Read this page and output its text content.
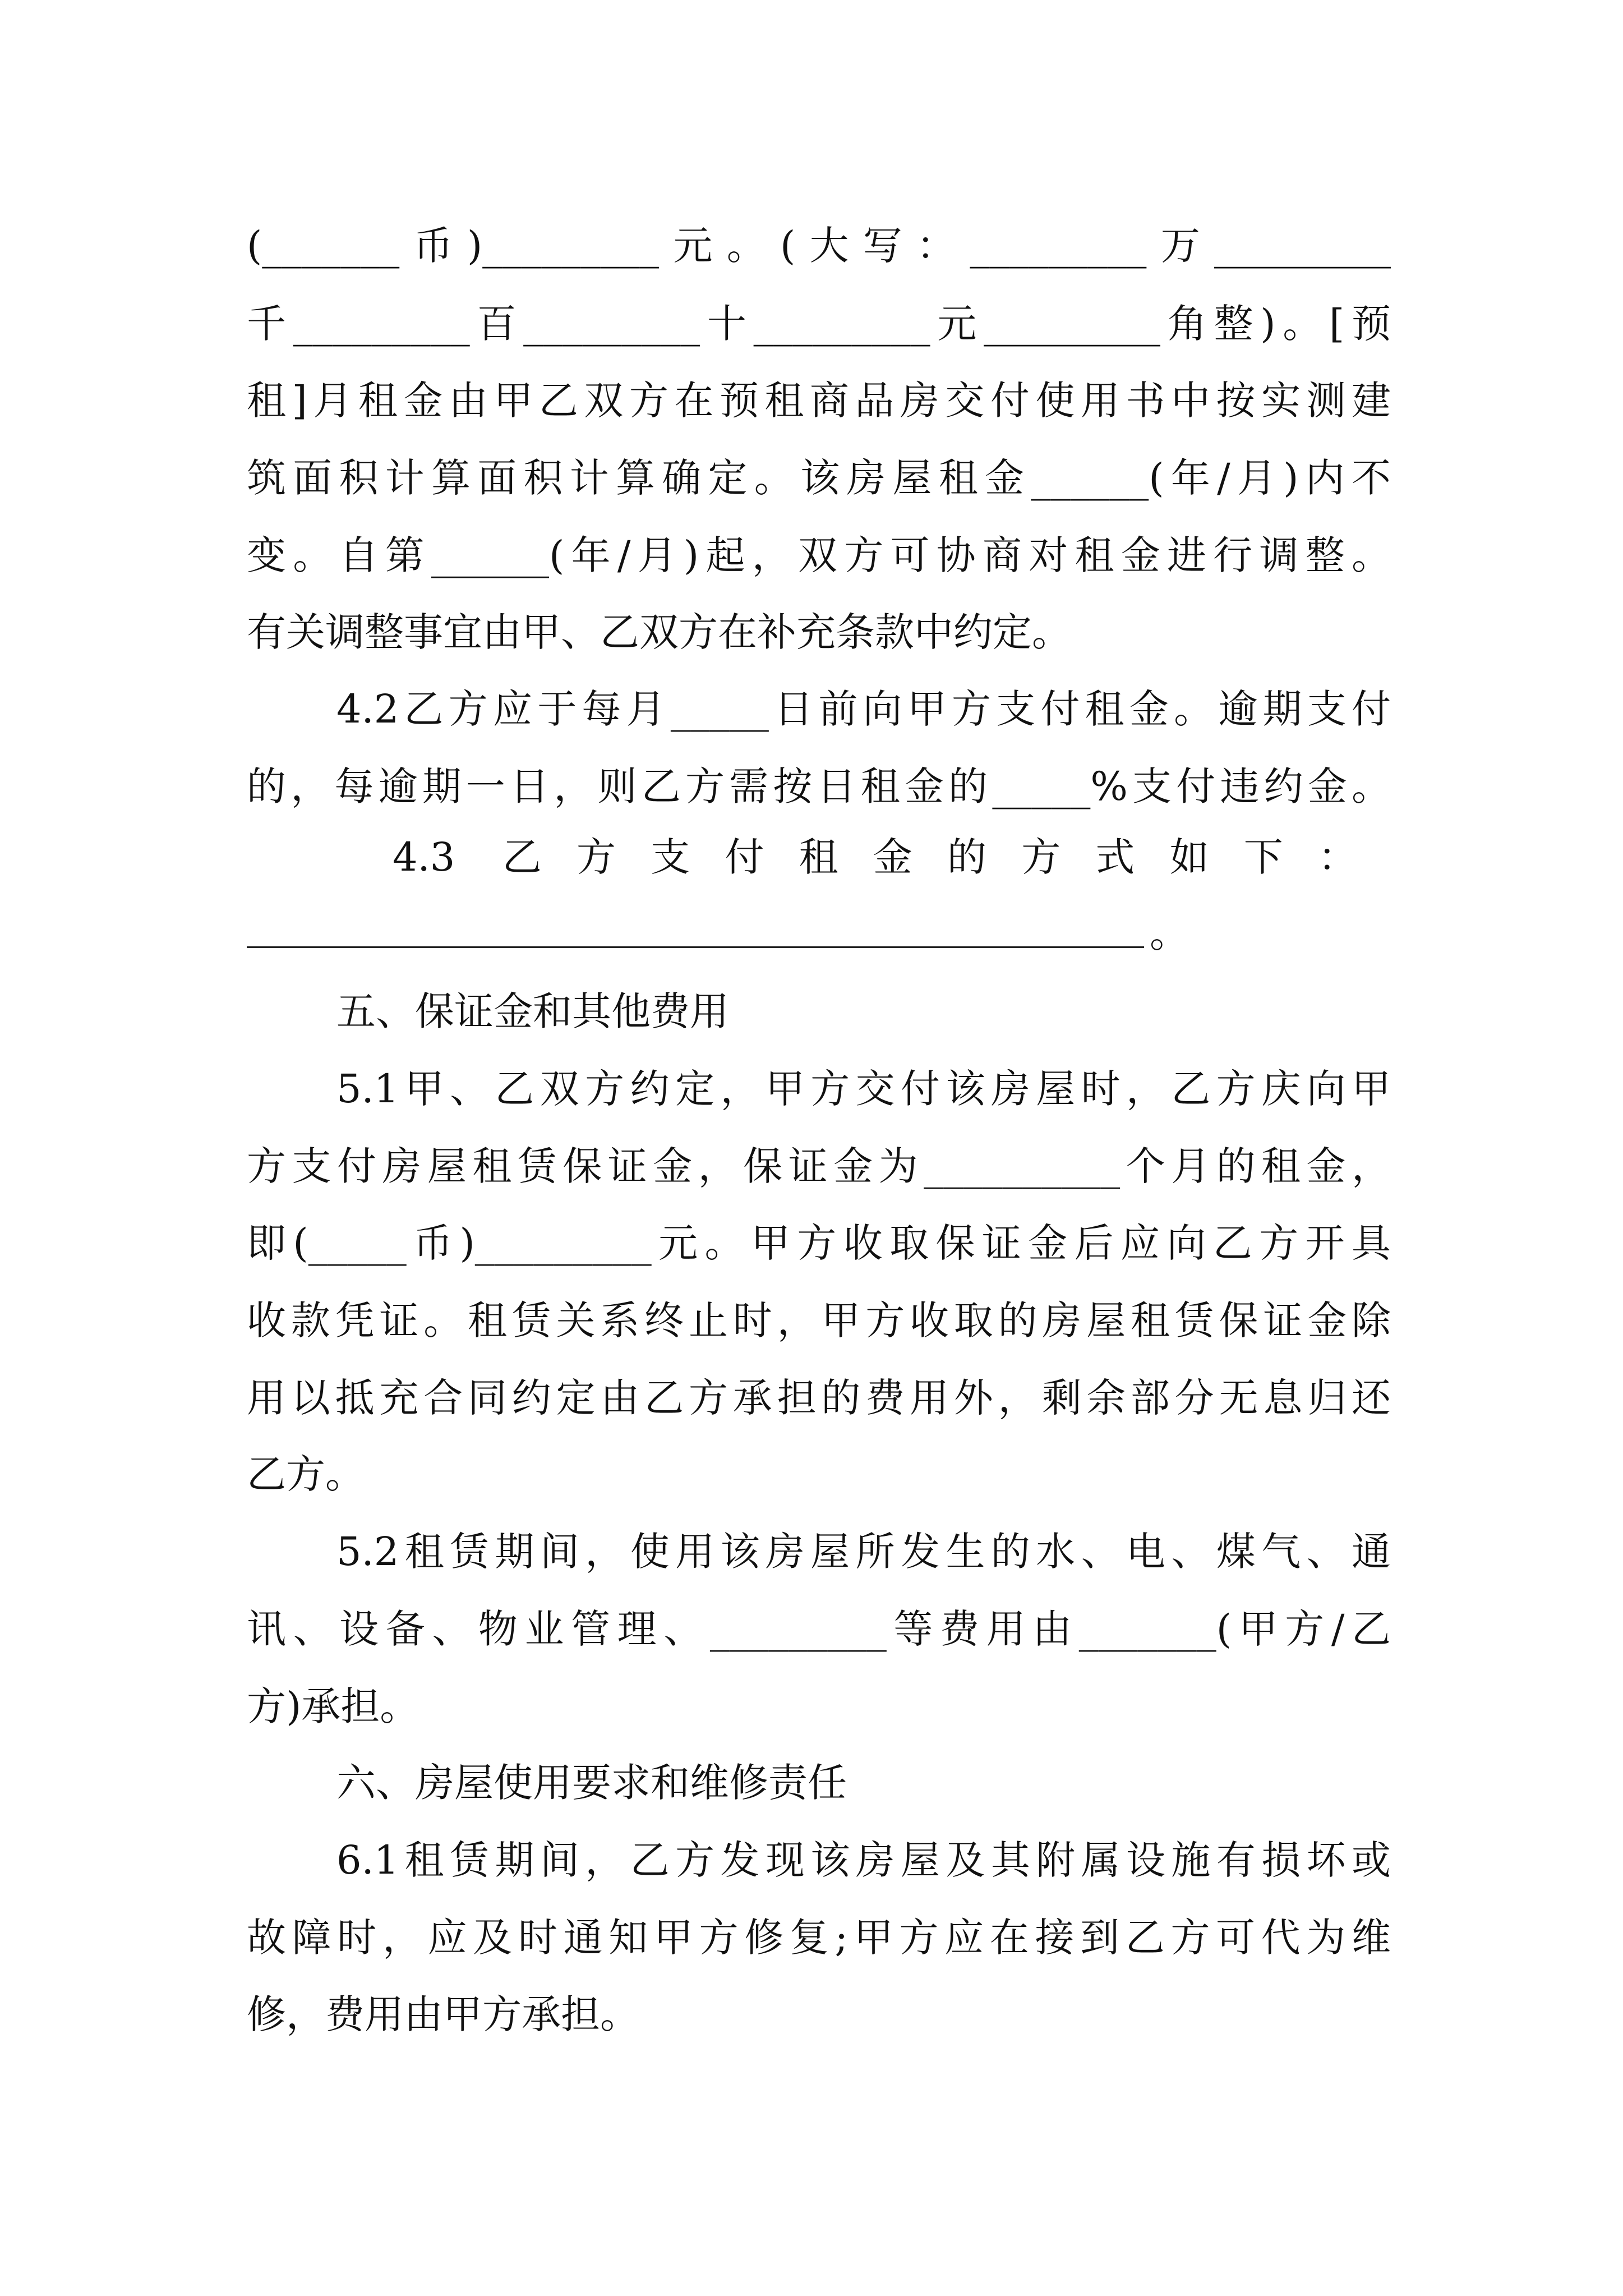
(_______币)_________元。(大写：_________万_________
千_________百_________十_________元_________角整)。[预
租]月租金由甲乙双方在预租商品房交付使用书中按实测建
筑面积计算面积计算确定。该房屋租金______(年/月)内不
变。自第______(年/月)起，双方可协商对租金进行调整。
有关调整事宜由甲、乙双方在补充条款中约定。
4.2乙方应于每月_____日前向甲方支付租金。逾期支付
的，每逾期一日，则乙方需按日租金的_____%支付违约金。
4.3 乙方支付租金的方式如下：
。
五、保证金和其他费用
5.1甲、乙双方约定，甲方交付该房屋时，乙方庆向甲
方支付房屋租赁保证金，保证金为__________个月的租金，
即(_____币)_________元。甲方收取保证金后应向乙方开具
收款凭证。租赁关系终止时，甲方收取的房屋租赁保证金除
用以抵充合同约定由乙方承担的费用外，剩余部分无息归还
乙方。
5.2租赁期间，使用该房屋所发生的水、电、煤气、通
讯、设备、物业管理、_________等费用由_______(甲方/乙
方)承担。
六、房屋使用要求和维修责任
6.1租赁期间，乙方发现该房屋及其附属设施有损坏或
故障时，应及时通知甲方修复;甲方应在接到乙方可代为维
修，费用由甲方承担。
